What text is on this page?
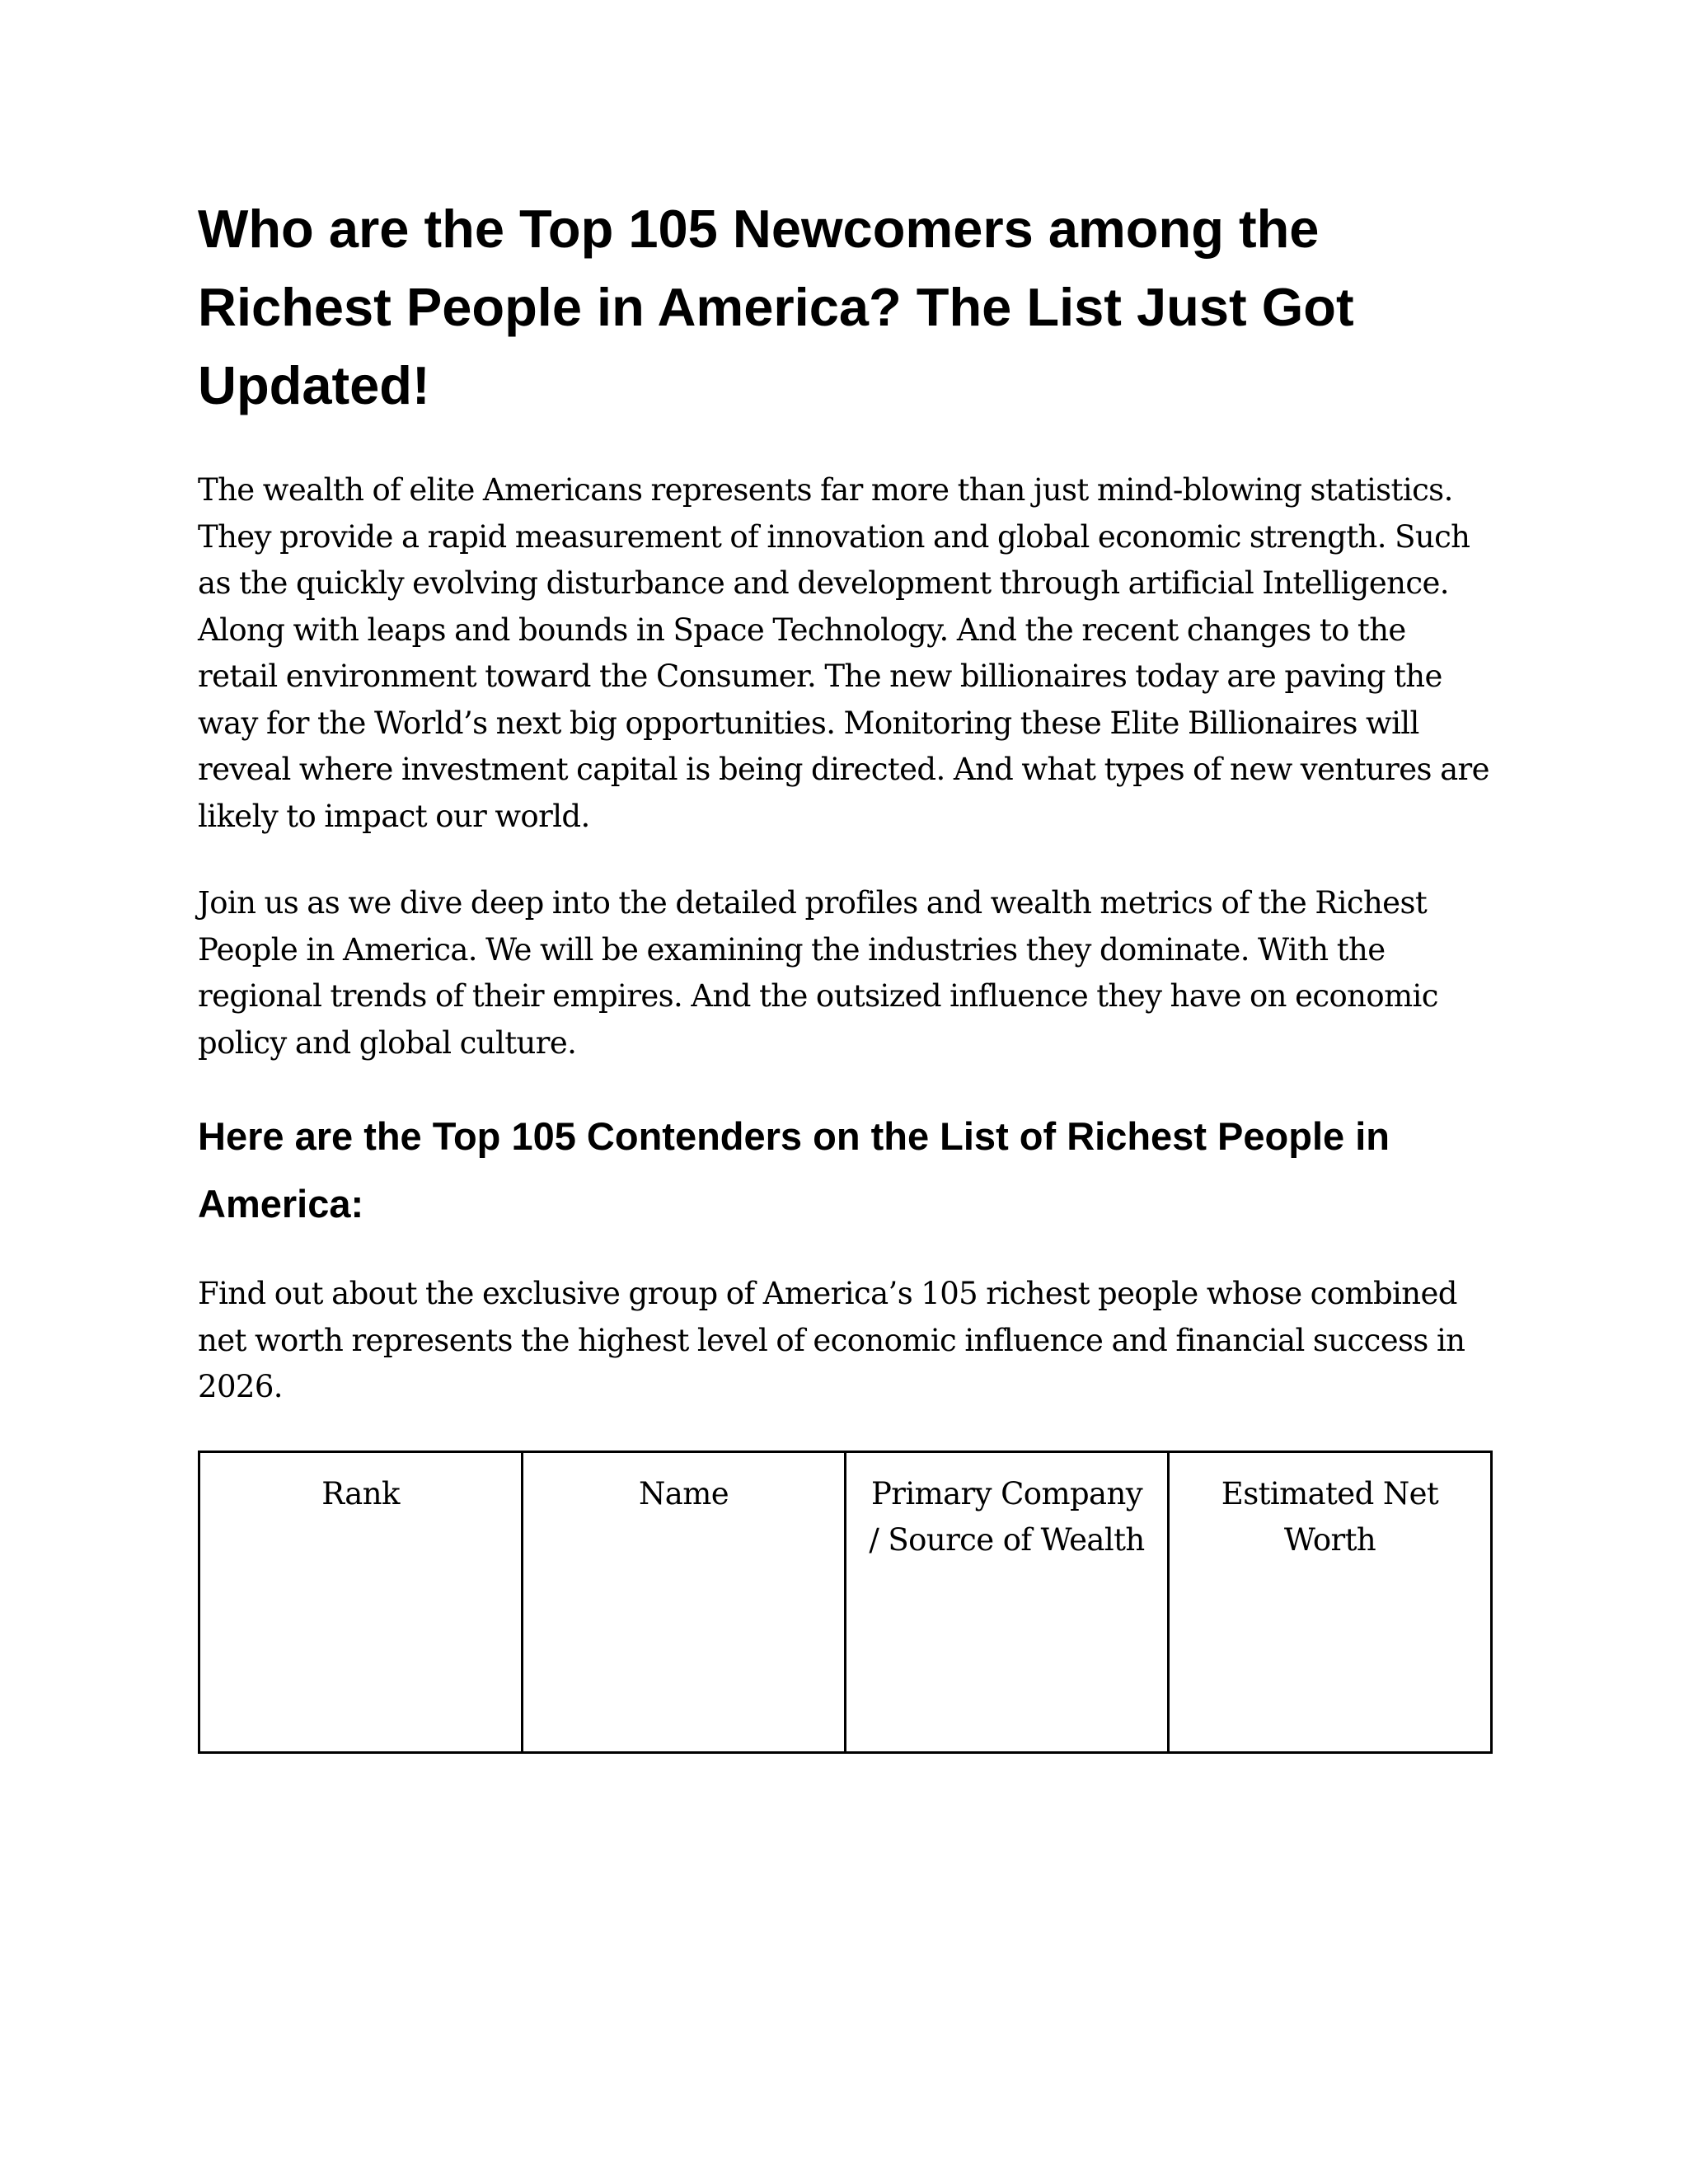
Who are the Top 105 Newcomers among the Richest People in America? The List Just Got Updated!

The wealth of elite Americans represents far more than just mind-blowing statistics. They provide a rapid measurement of innovation and global economic strength. Such as the quickly evolving disturbance and development through artificial Intelligence. Along with leaps and bounds in Space Technology. And the recent changes to the retail environment toward the Consumer. The new billionaires today are paving the way for the World’s next big opportunities. Monitoring these Elite Billionaires will reveal where investment capital is being directed. And what types of new ventures are likely to impact our world.

Join us as we dive deep into the detailed profiles and wealth metrics of the Richest People in America. We will be examining the industries they dominate. With the regional trends of their empires. And the outsized influence they have on economic policy and global culture.

Here are the Top 105 Contenders on the List of Richest People in America:

Find out about the exclusive group of America’s 105 richest people whose combined net worth represents the highest level of economic influence and financial success in 2026.

Rank	Name	Primary Company / Source of Wealth	Estimated Net Worth
